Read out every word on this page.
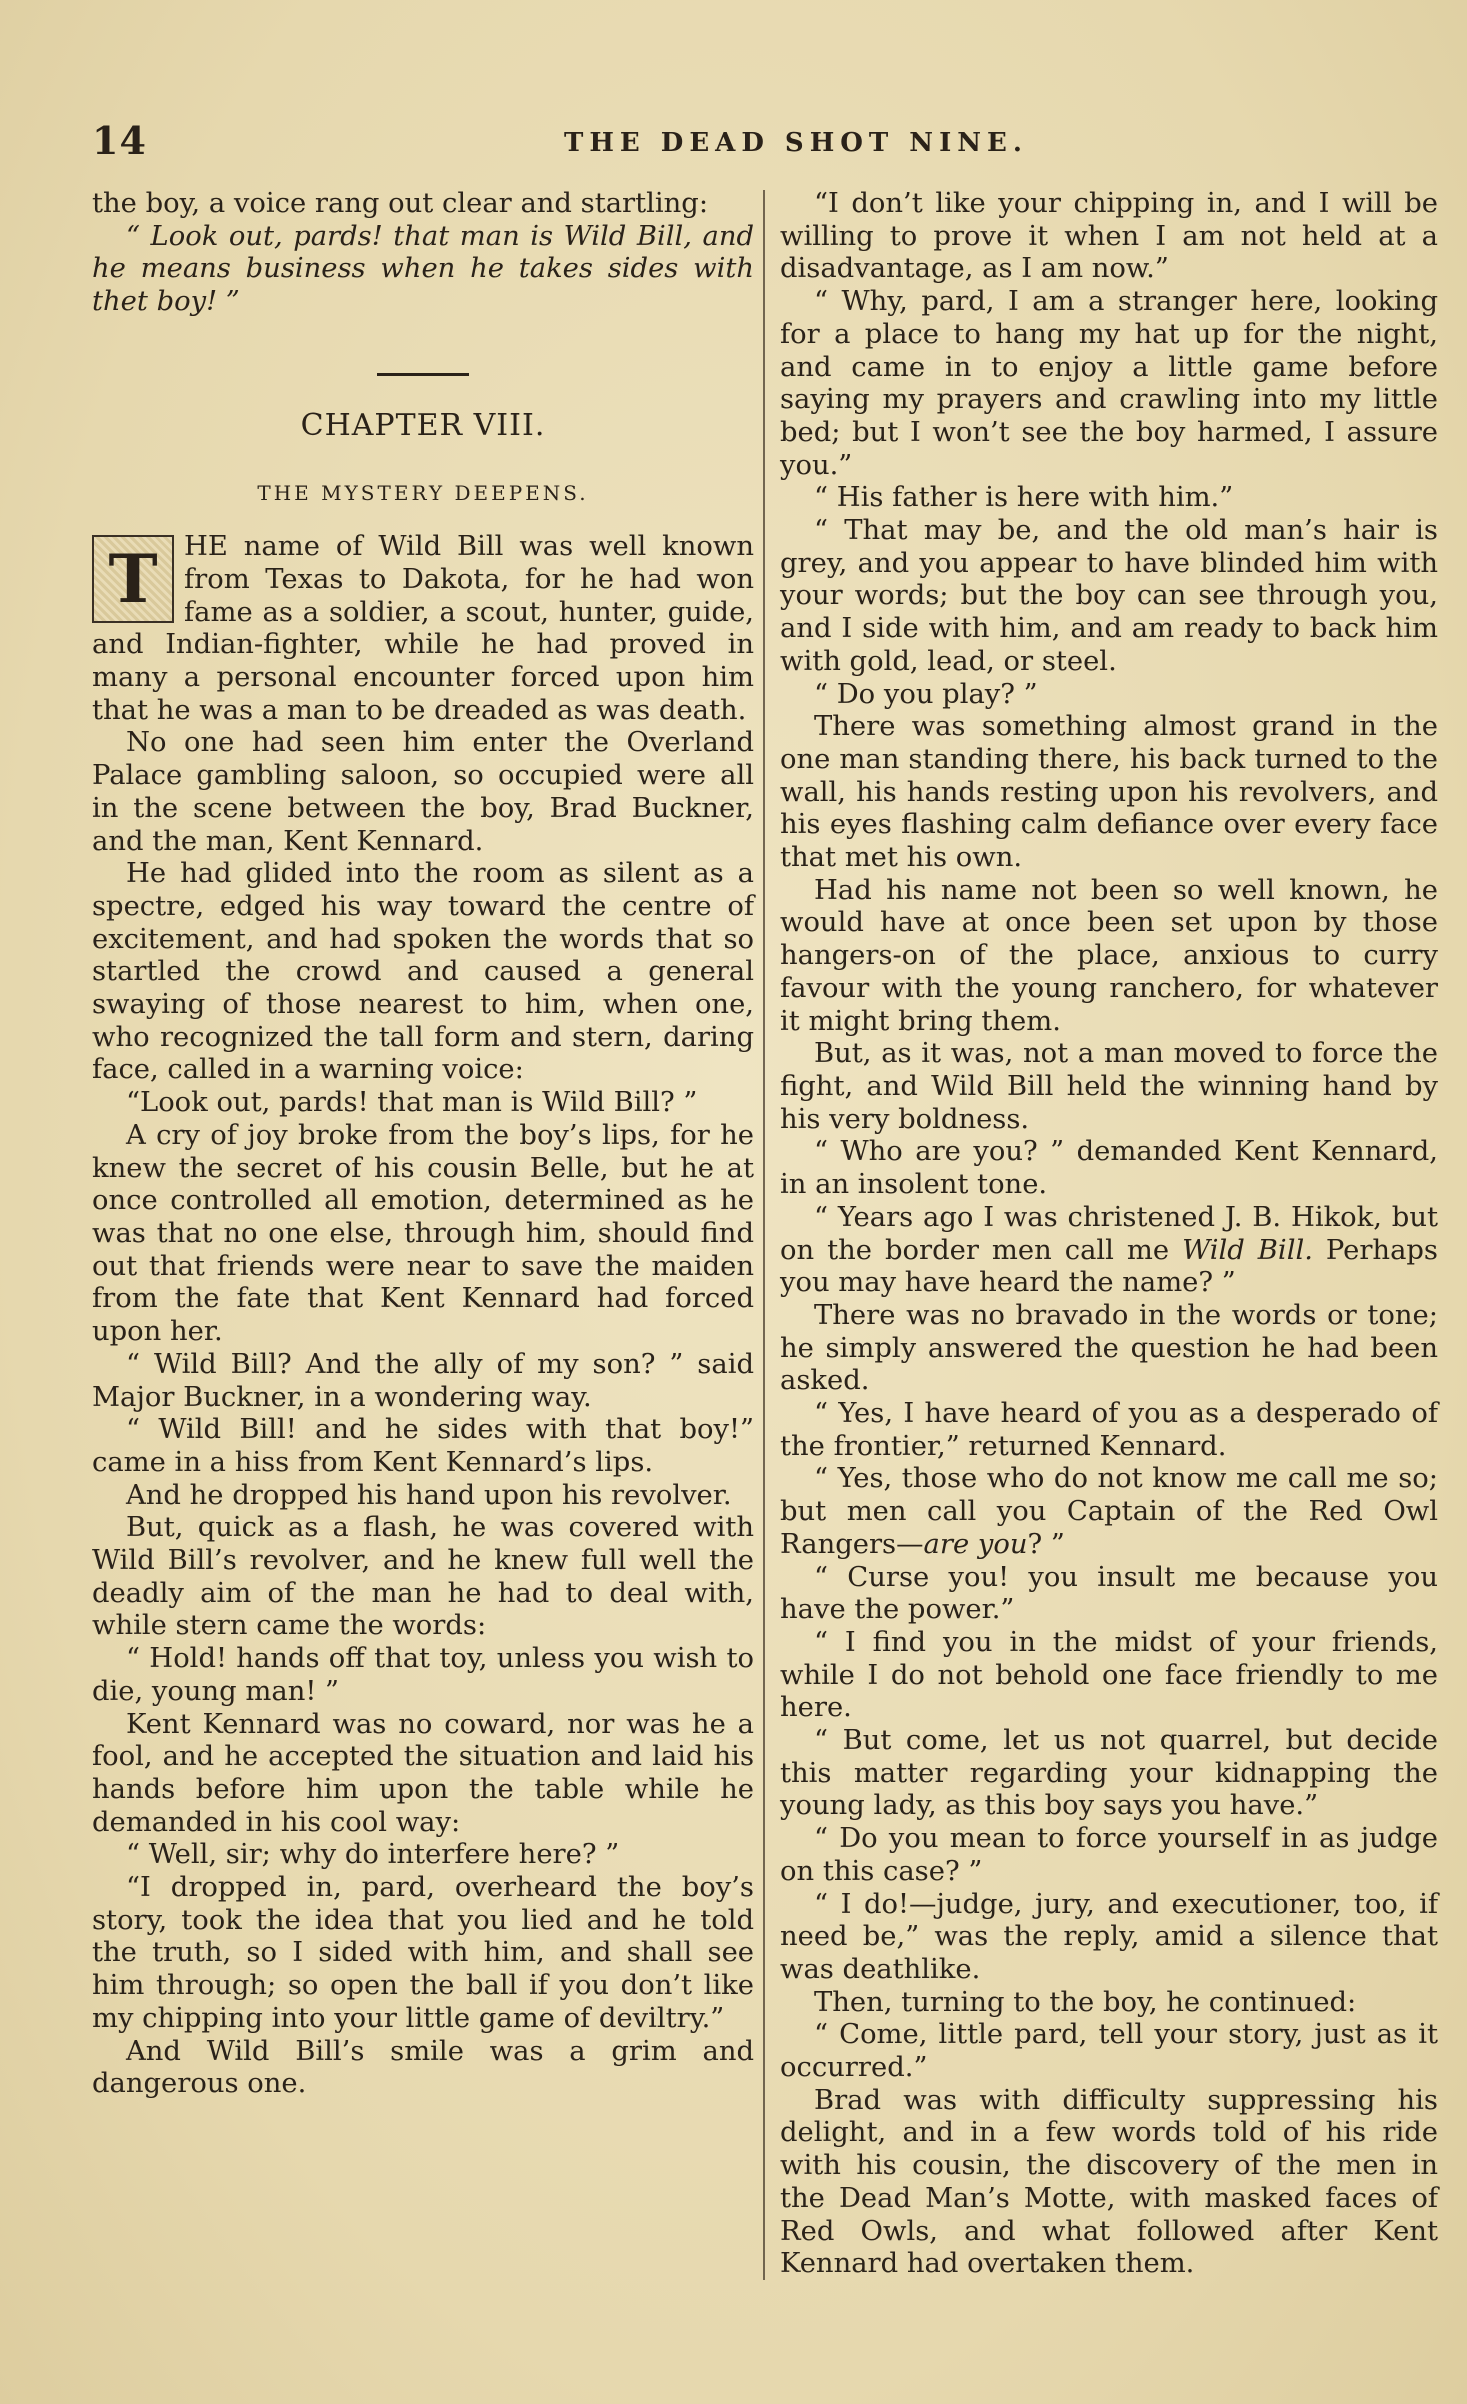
14	THE DEAD SHOT NINE.

the boy, a voice rang out clear and startling:

“ Look out, pards! that man is Wild Bill, and he means business when he takes sides with thet boy! ”

CHAPTER VIII.
THE MYSTERY DEEPENS.
T HE name of Wild Bill was well known from Texas to Dakota, for he had won fame as a soldier, a scout, hunter, guide, and Indian-fighter, while he had proved in many a personal encounter forced upon him that he was a man to be dreaded as was death.

No one had seen him enter the Overland Palace gambling saloon, so occupied were all in the scene between the boy, Brad Buckner, and the man, Kent Kennard.

He had glided into the room as silent as a spectre, edged his way toward the centre of excitement, and had spoken the words that so startled the crowd and caused a general swaying of those nearest to him, when one, who recognized the tall form and stern, daring face, called in a warning voice:

“Look out, pards! that man is Wild Bill? ”

A cry of joy broke from the boy’s lips, for he knew the secret of his cousin Belle, but he at once controlled all emotion, determined as he was that no one else, through him, should find out that friends were near to save the maiden from the fate that Kent Kennard had forced upon her.

“ Wild Bill? And the ally of my son? ” said Major Buckner, in a wondering way.

“ Wild Bill! and he sides with that boy!” came in a hiss from Kent Kennard’s lips.

And he dropped his hand upon his revolver.

But, quick as a flash, he was covered with Wild Bill’s revolver, and he knew full well the deadly aim of the man he had to deal with, while stern came the words:

“ Hold! hands off that toy, unless you wish to die, young man! ”

Kent Kennard was no coward, nor was he a fool, and he accepted the situation and laid his hands before him upon the table while he demanded in his cool way:

“ Well, sir; why do interfere here? ”

“I dropped in, pard, overheard the boy’s story, took the idea that you lied and he told the truth, so I sided with him, and shall see him through; so open the ball if you don’t like my chipping into your little game of deviltry.”

And Wild Bill’s smile was a grim and dangerous one.

“I don’t like your chipping in, and I will be willing to prove it when I am not held at a disadvantage, as I am now.”

“ Why, pard, I am a stranger here, looking for a place to hang my hat up for the night, and came in to enjoy a little game before saying my prayers and crawling into my little bed; but I won’t see the boy harmed, I assure you.”

“ His father is here with him.”

“ That may be, and the old man’s hair is grey, and you appear to have blinded him with your words; but the boy can see through you, and I side with him, and am ready to back him with gold, lead, or steel.

“ Do you play? ”

There was something almost grand in the one man standing there, his back turned to the wall, his hands resting upon his revolvers, and his eyes flashing calm defiance over every face that met his own.

Had his name not been so well known, he would have at once been set upon by those hangers-on of the place, anxious to curry favour with the young ranchero, for whatever it might bring them.

But, as it was, not a man moved to force the fight, and Wild Bill held the winning hand by his very boldness.

“ Who are you? ” demanded Kent Kennard, in an insolent tone.

“ Years ago I was christened J. B. Hikok, but on the border men call me Wild Bill. Perhaps you may have heard the name? ”

There was no bravado in the words or tone; he simply answered the question he had been asked.

“ Yes, I have heard of you as a desperado of the frontier,” returned Kennard.

“ Yes, those who do not know me call me so; but men call you Captain of the Red Owl Rangers—are you? ”

“ Curse you! you insult me because you have the power.”

“ I find you in the midst of your friends, while I do not behold one face friendly to me here.

“ But come, let us not quarrel, but decide this matter regarding your kidnapping the young lady, as this boy says you have.”

“ Do you mean to force yourself in as judge on this case? ”

“ I do!—judge, jury, and executioner, too, if need be,” was the reply, amid a silence that was deathlike.

Then, turning to the boy, he continued:

“ Come, little pard, tell your story, just as it occurred.”

Brad was with difficulty suppressing his delight, and in a few words told of his ride with his cousin, the discovery of the men in the Dead Man’s Motte, with masked faces of Red Owls, and what followed after Kent Kennard had overtaken them.
